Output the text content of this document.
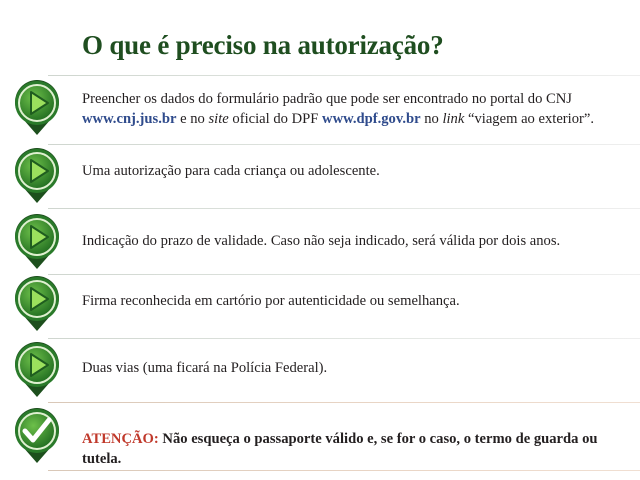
O que é preciso na autorização?
Preencher os dados do formulário padrão que pode ser encontrado no portal do CNJ
www.cnj.jus.br e no site oficial do DPF www.dpf.gov.br no link “viagem ao exterior”.
Uma autorização para cada criança ou adolescente.
Indicação do prazo de validade. Caso não seja indicado, será válida por dois anos.
Firma reconhecida em cartório por autenticidade ou semelhança.
Duas vias (uma ficará na Polícia Federal).
ATENÇÃO: Não esqueça o passaporte válido e, se for o caso, o termo de guarda ou tutela.
